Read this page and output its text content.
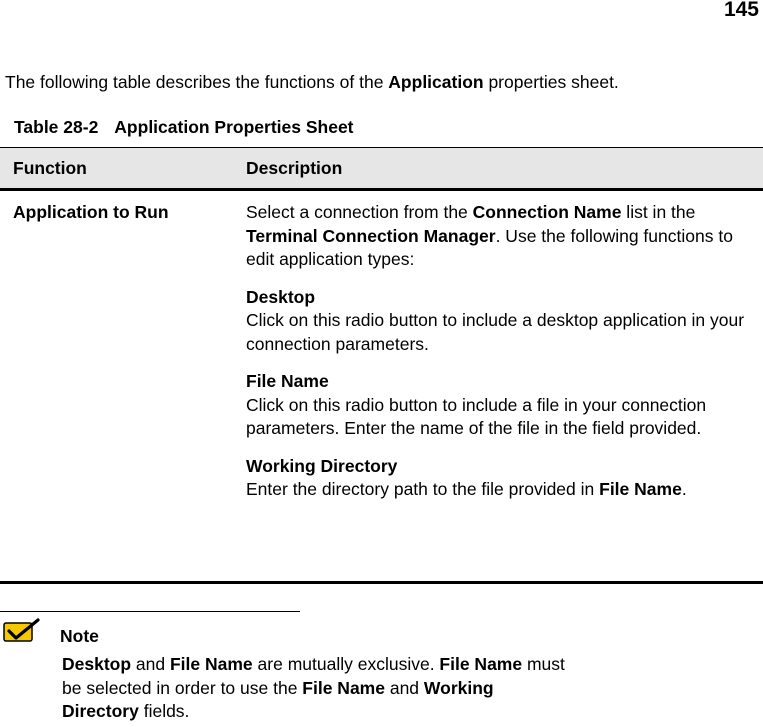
145
The following table describes the functions of the Application properties sheet.
Table 28-2 Application Properties Sheet
Function	Description
Application to Run	Select a connection from the Connection Name list in the Terminal Connection Manager. Use the following functions to edit application types:

Desktop
Click on this radio button to include a desktop application in your connection parameters.

File Name
Click on this radio button to include a file in your connection parameters. Enter the name of the file in the field provided.

Working Directory
Enter the directory path to the file provided in File Name.

Note
Desktop and File Name are mutually exclusive. File Name must be selected in order to use the File Name and Working Directory fields.
